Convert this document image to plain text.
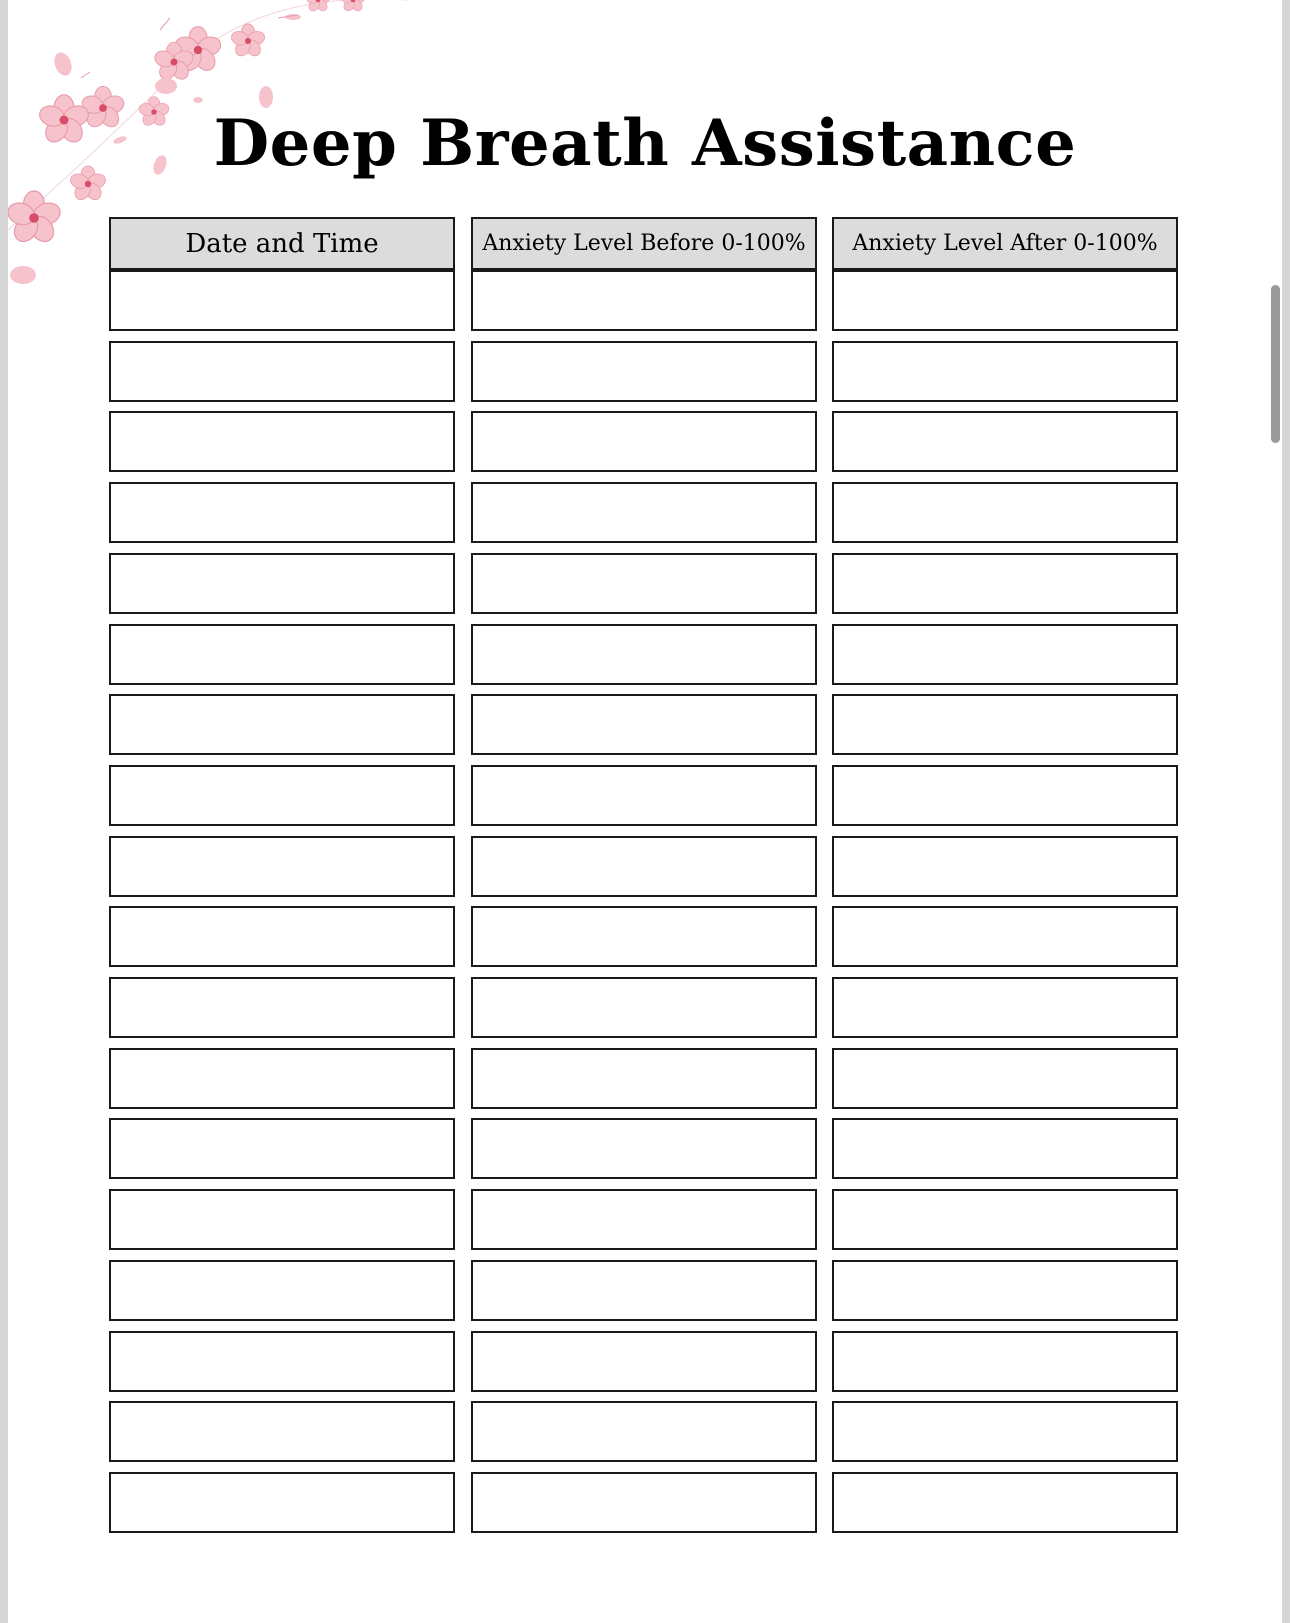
Deep Breath Assistance
Date and Time	Anxiety Level Before 0-100%	Anxiety Level After 0-100%
